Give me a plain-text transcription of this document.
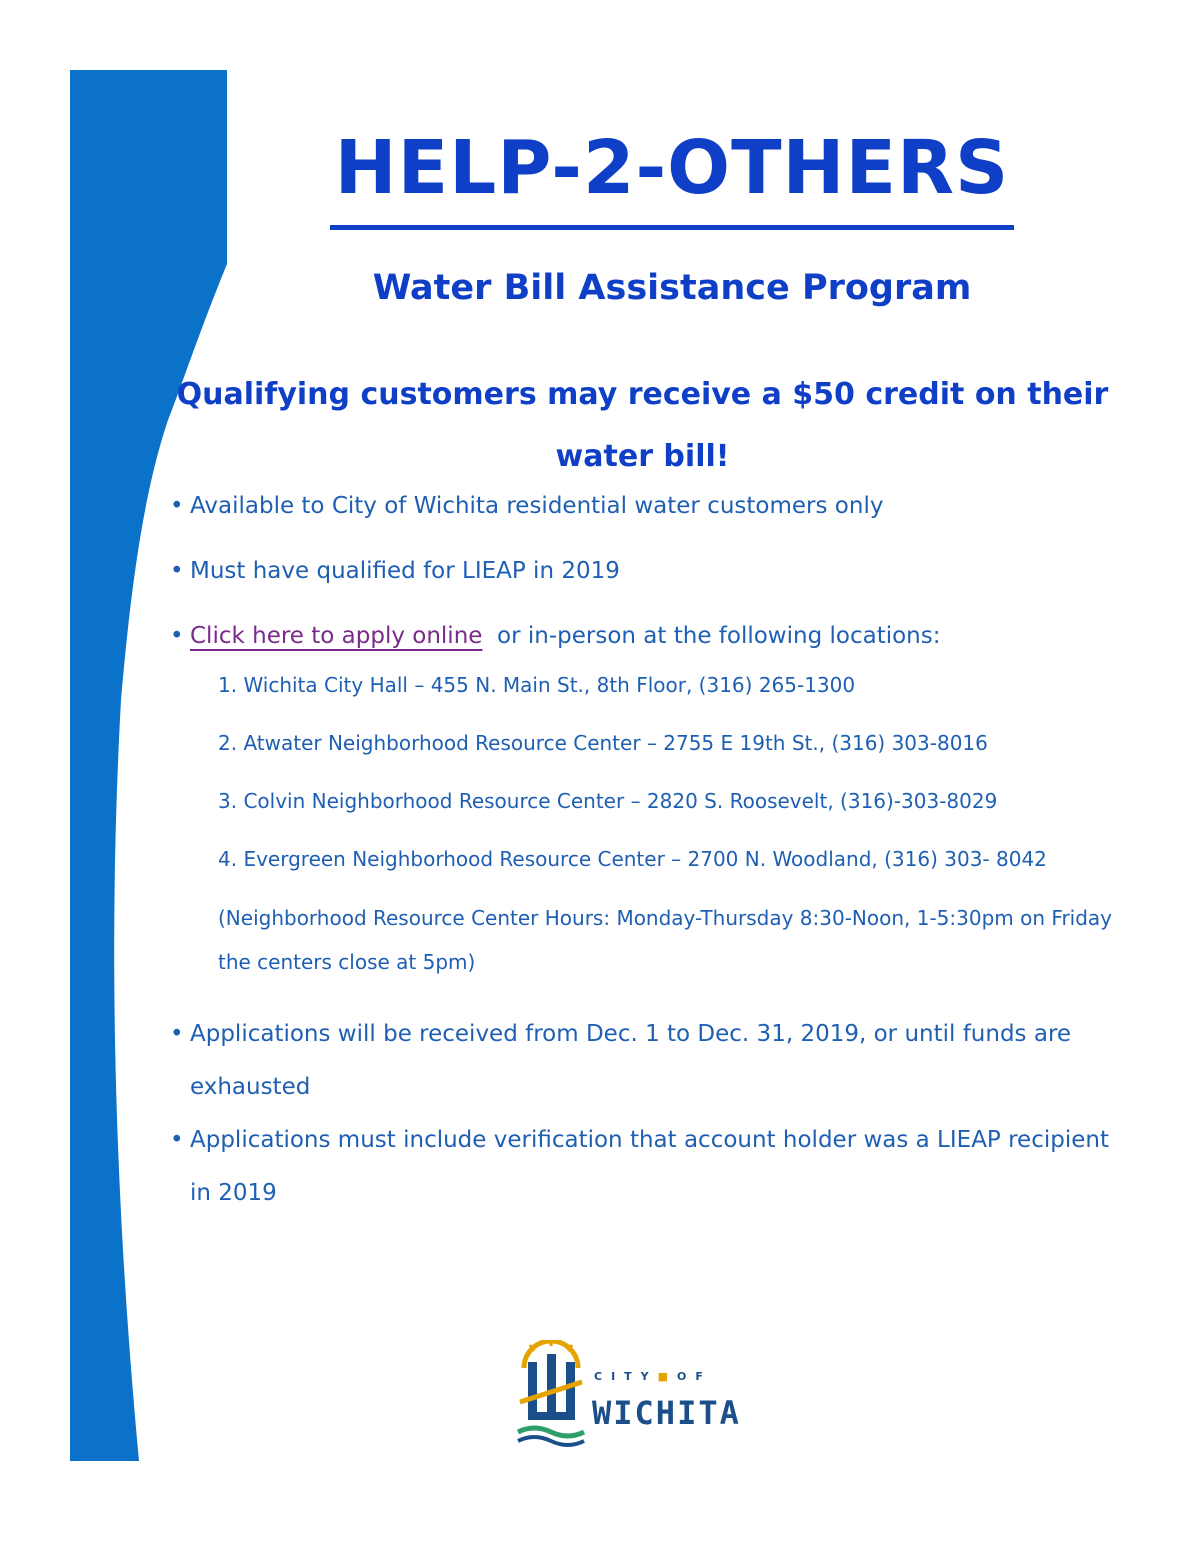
HELP-2-OTHERS
Water Bill Assistance Program
Qualifying customers may receive a $50 credit on their water bill!
• Available to City of Wichita residential water customers only
• Must have qualified for LIEAP in 2019
• Click here to apply online or in-person at the following locations:
1. Wichita City Hall – 455 N. Main St., 8th Floor, (316) 265-1300
2. Atwater Neighborhood Resource Center – 2755 E 19th St., (316) 303-8016
3. Colvin Neighborhood Resource Center – 2820 S. Roosevelt, (316)-303-8029
4. Evergreen Neighborhood Resource Center – 2700 N. Woodland, (316) 303- 8042
(Neighborhood Resource Center Hours: Monday-Thursday 8:30-Noon, 1-5:30pm on Friday the centers close at 5pm)
• Applications will be received from Dec. 1 to Dec. 31, 2019, or until funds are exhausted
• Applications must include verification that account holder was a LIEAP recipient in 2019
CITY■OF
WICHITA
